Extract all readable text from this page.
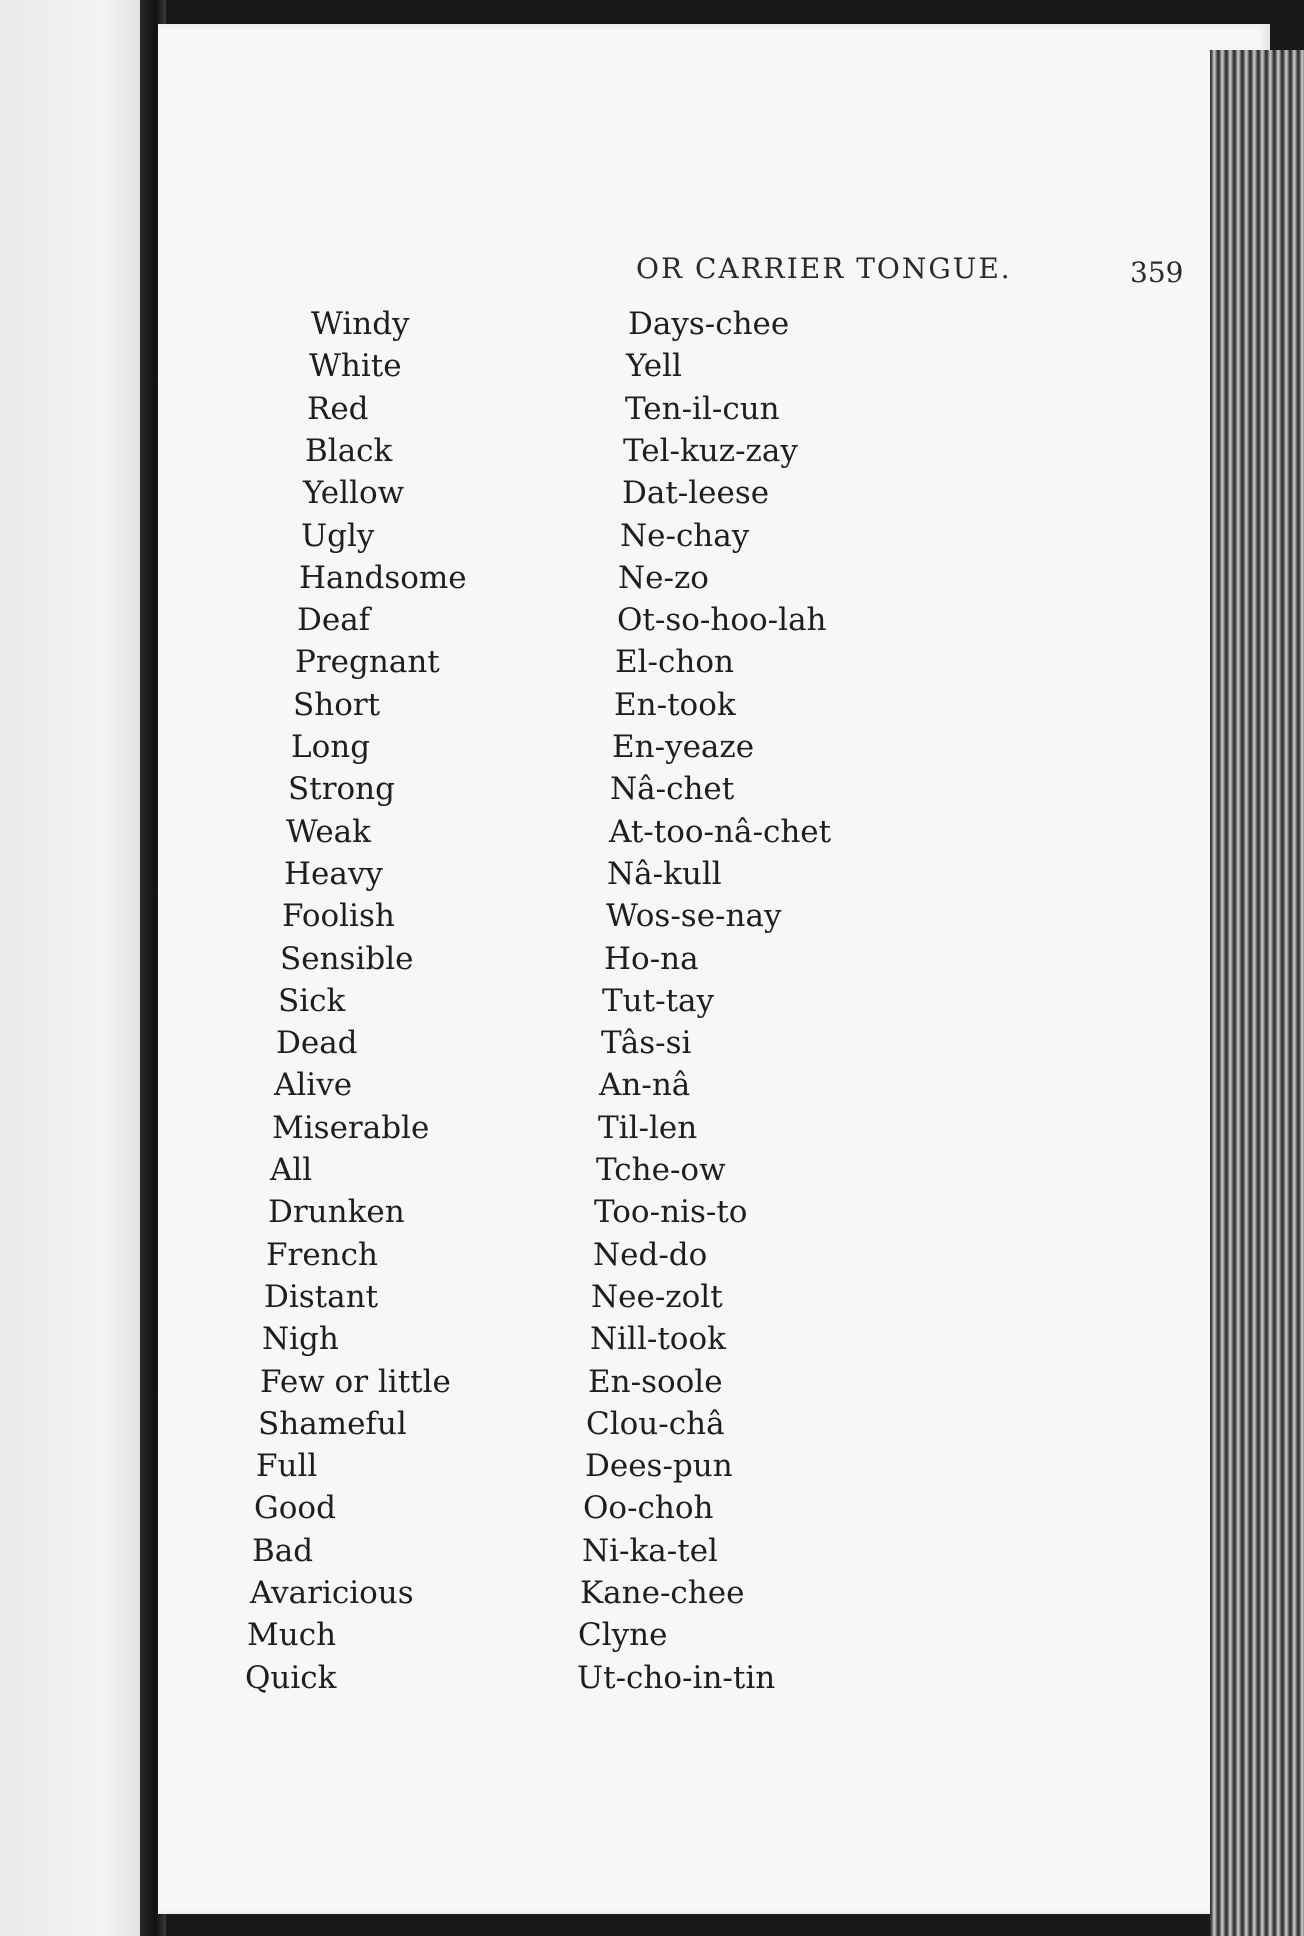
OR CARRIER TONGUE.	359
Windy	Days-chee
White	Yell
Red	Ten-il-cun
Black	Tel-kuz-zay
Yellow	Dat-leese
Ugly	Ne-chay
Handsome	Ne-zo
Deaf	Ot-so-hoo-lah
Pregnant	El-chon
Short	En-took
Long	En-yeaze
Strong	Nâ-chet
Weak	At-too-nâ-chet
Heavy	Nâ-kull
Foolish	Wos-se-nay
Sensible	Ho-na
Sick	Tut-tay
Dead	Tâs-si
Alive	An-nâ
Miserable	Til-len
All	Tche-ow
Drunken	Too-nis-to
French	Ned-do
Distant	Nee-zolt
Nigh	Nill-took
Few or little	En-soole
Shameful	Clou-châ
Full	Dees-pun
Good	Oo-choh
Bad	Ni-ka-tel
Avaricious	Kane-chee
Much	Clyne
Quick	Ut-cho-in-tin
